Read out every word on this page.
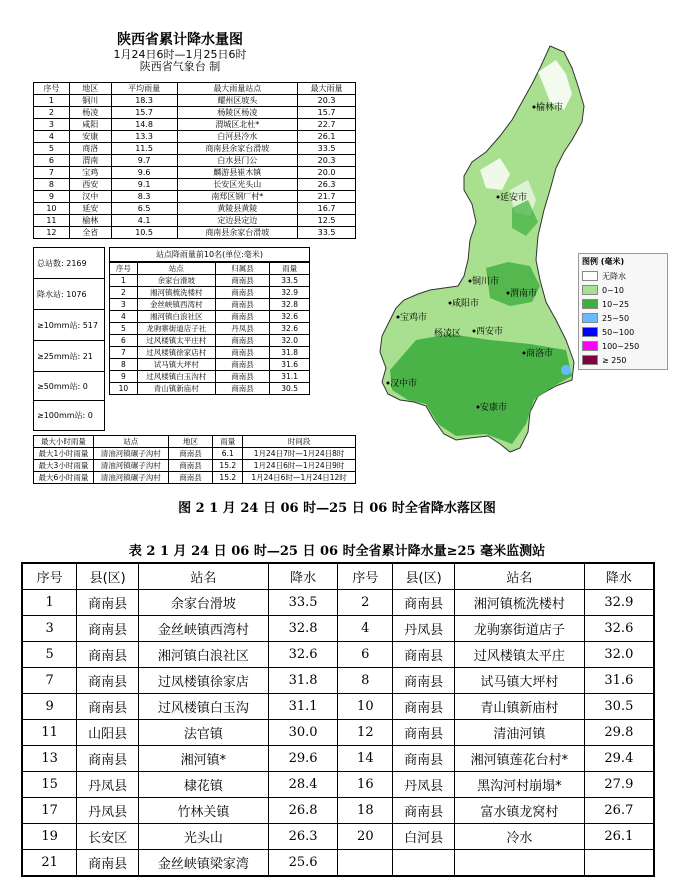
陕西省累计降水量图
1月24日6时—1月25日6时
陕西省气象台 制
序号	地区	平均雨量	最大雨量站点	最大雨量
1	铜川	18.3	耀州区坡头	20.3
2	杨凌	15.7	杨陵区杨凌	15.7
3	咸阳	14.8	渭城区北杜*	22.7
4	安康	13.3	白河县冷水	26.1
5	商洛	11.5	商南县余家台滑坡	33.5
6	渭南	9.7	白水县门公	20.3
7	宝鸡	9.6	麟游县崔木镇	20.0
8	西安	9.1	长安区光头山	26.3
9	汉中	8.3	南郑区钢厂村*	21.7
10	延安	6.5	黄陵县黄陵	16.7
11	榆林	4.1	定边县定边	12.5
12	全省	10.5	商南县余家台滑坡	33.5
总站数: 2169
降水站: 1076
≥10mm站: 517
≥25mm站: 21
≥50mm站: 0
≥100mm站: 0
站点降雨量前10名(单位:毫米)
序号	站点	归属县	雨量
1	余家台滑坡	商南县	33.5
2	湘河镇梳洗楼村	商南县	32.9
3	金丝峡镇西湾村	商南县	32.8
4	湘河镇白浪社区	商南县	32.6
5	龙驹寨街道店子社	丹凤县	32.6
6	过风楼镇太平庄村	商南县	32.0
7	过风楼镇徐家店村	商南县	31.8
8	试马镇大坪村	商南县	31.6
9	过风楼镇白玉沟村	商南县	31.1
10	青山镇新庙村	商南县	30.5
最大小时雨量	站点	地区	雨量	时间段
最大1小时雨量	清油河镇碾子沟村	商南县	6.1	1月24日7时—1月24日8时
最大3小时雨量	清油河镇碾子沟村	商南县	15.2	1月24日6时—1月24日9时
最大6小时雨量	清油河镇碾子沟村	商南县	15.2	1月24日6时—1月24日12时
榆林市
延安市
铜川市
渭南市
咸阳市
宝鸡市
杨凌区 西安市
商洛市
汉中市
安康市
图例 (毫米)
无降水
0~10
10~25
25~50
50~100
100~250
≥ 250
图 2 1 月 24 日 06 时—25 日 06 时全省降水落区图
表 2 1 月 24 日 06 时—25 日 06 时全省累计降水量≥25 毫米监测站
序号	县(区)	站名	降水	序号	县(区)	站名	降水
1	商南县	余家台滑坡	33.5	2	商南县	湘河镇梳洗楼村	32.9
3	商南县	金丝峡镇西湾村	32.8	4	丹凤县	龙驹寨街道店子	32.6
5	商南县	湘河镇白浪社区	32.6	6	商南县	过风楼镇太平庄	32.0
7	商南县	过凤楼镇徐家店	31.8	8	商南县	试马镇大坪村	31.6
9	商南县	过风楼镇白玉沟	31.1	10	商南县	青山镇新庙村	30.5
11	山阳县	法官镇	30.0	12	商南县	清油河镇	29.8
13	商南县	湘河镇*	29.6	14	商南县	湘河镇莲花台村*	29.4
15	丹凤县	棣花镇	28.4	16	丹凤县	黑沟河村崩塌*	27.9
17	丹凤县	竹林关镇	26.8	18	商南县	富水镇龙窝村	26.7
19	长安区	光头山	26.3	20	白河县	冷水	26.1
21	商南县	金丝峡镇梁家湾	25.6				
